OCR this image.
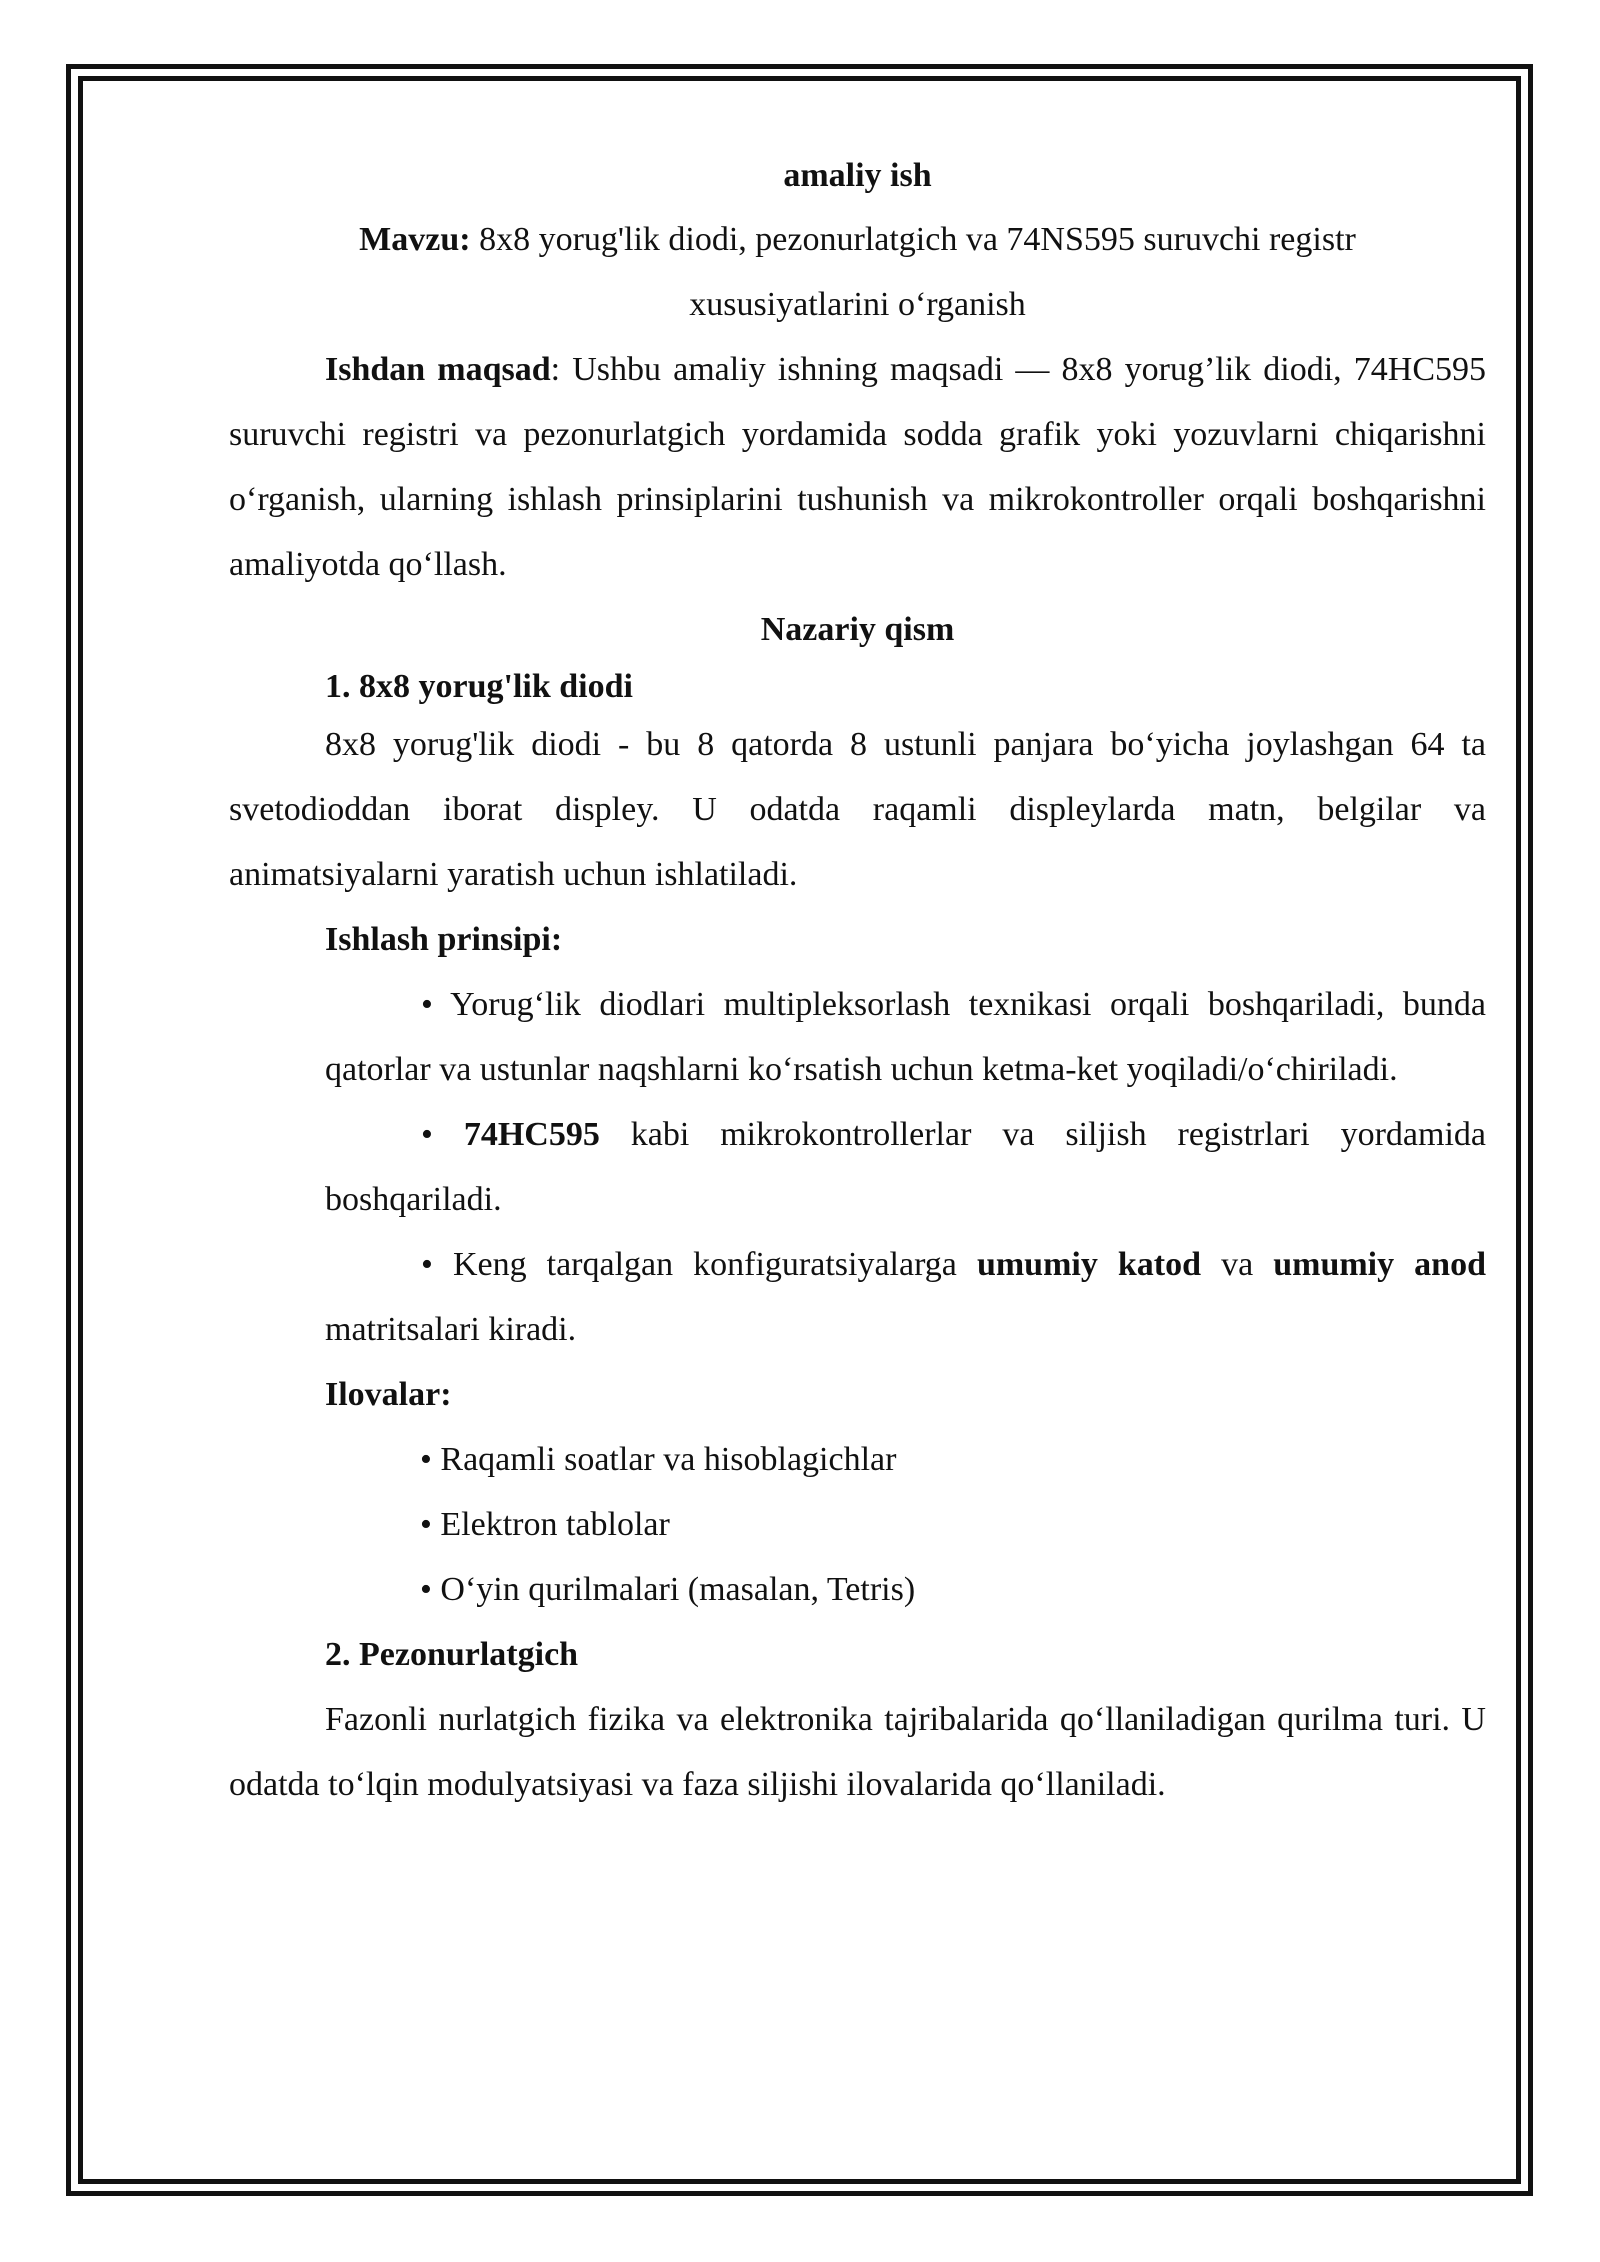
amaliy ish

Mavzu: 8x8 yorug'lik diodi, pezonurlatgich va 74NS595 suruvchi registr

xususiyatlarini o‘rganish

Ishdan maqsad: Ushbu amaliy ishning maqsadi — 8x8 yorug’lik diodi, 74HC595 suruvchi registri va pezonurlatgich yordamida sodda grafik yoki yozuvlarni chiqarishni o‘rganish, ularning ishlash prinsiplarini tushunish va mikrokontroller orqali boshqarishni amaliyotda qo‘llash.

Nazariy qism

1. 8x8 yorug'lik diodi

8x8 yorug'lik diodi - bu 8 qatorda 8 ustunli panjara bo‘yicha joylashgan 64 ta svetodioddan iborat displey. U odatda raqamli displeylarda matn, belgilar va animatsiyalarni yaratish uchun ishlatiladi.

Ishlash prinsipi:

• Yorug‘lik diodlari multipleksorlash texnikasi orqali boshqariladi, bunda qatorlar va ustunlar naqshlarni ko‘rsatish uchun ketma-ket yoqiladi/o‘chiriladi.

• 74HC595 kabi mikrokontrollerlar va siljish registrlari yordamida boshqariladi.

• Keng tarqalgan konfiguratsiyalarga umumiy katod va umumiy anod matritsalari kiradi.

Ilovalar:

• Raqamli soatlar va hisoblagichlar

• Elektron tablolar

• O‘yin qurilmalari (masalan, Tetris)

2. Pezonurlatgich

Fazonli nurlatgich fizika va elektronika tajribalarida qo‘llaniladigan qurilma turi. U odatda to‘lqin modulyatsiyasi va faza siljishi ilovalarida qo‘llaniladi.
